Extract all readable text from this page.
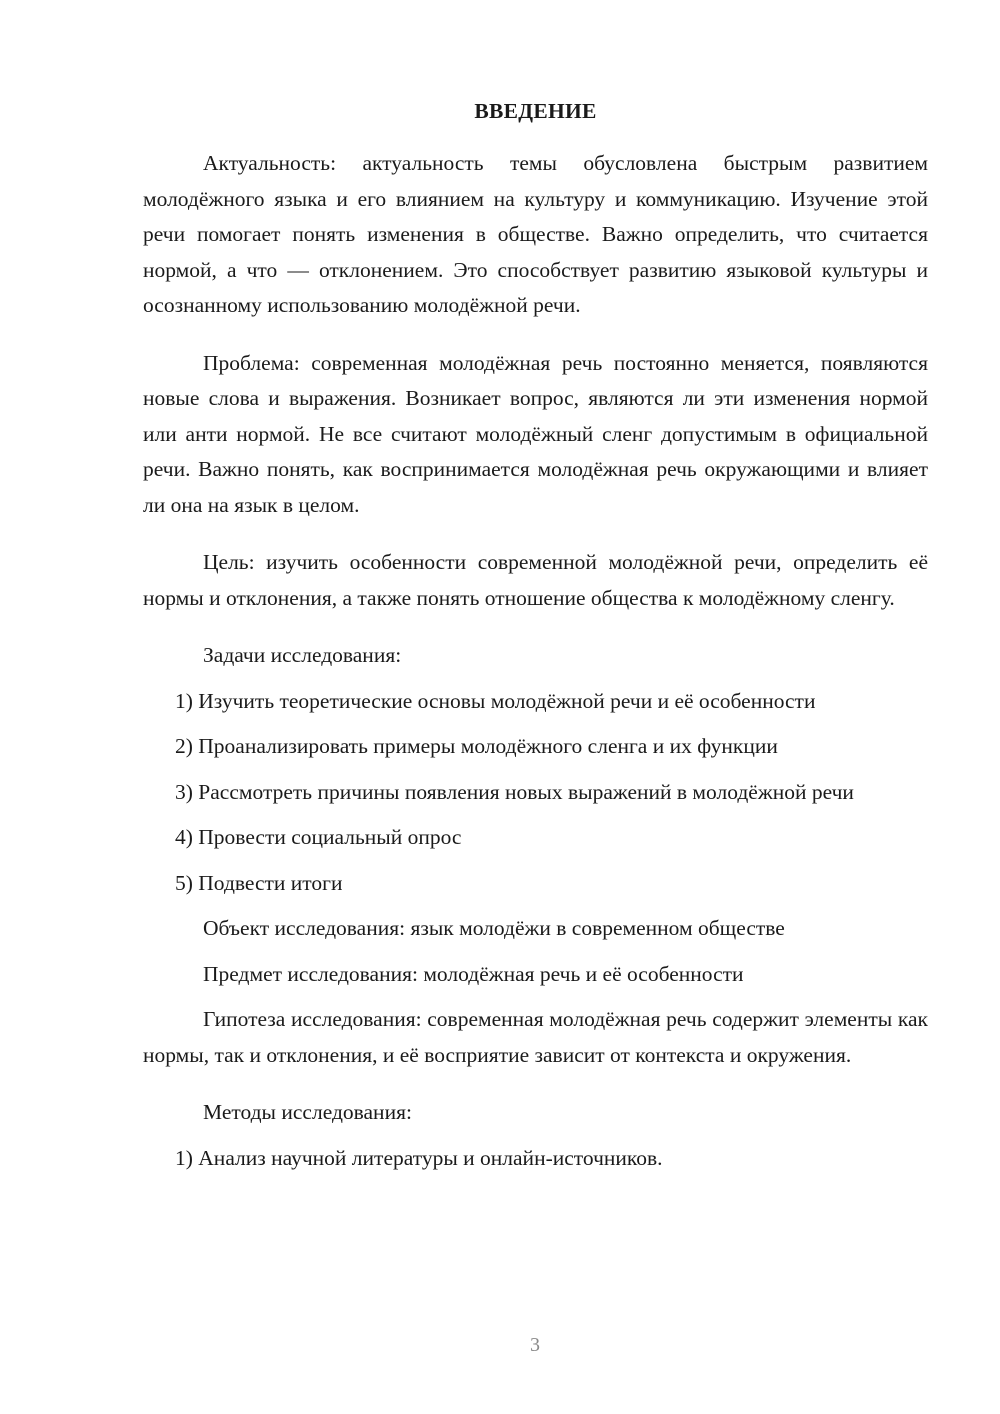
ВВЕДЕНИЕ

Актуальность: актуальность темы обусловлена быстрым развитием молодёжного языка и его влиянием на культуру и коммуникацию. Изучение этой речи помогает понять изменения в обществе. Важно определить, что считается нормой, а что — отклонением. Это способствует развитию языковой культуры и осознанному использованию молодёжной речи.

Проблема: современная молодёжная речь постоянно меняется, появляются новые слова и выражения. Возникает вопрос, являются ли эти изменения нормой или анти нормой. Не все считают молодёжный сленг допустимым в официальной речи. Важно понять, как воспринимается молодёжная речь окружающими и влияет ли она на язык в целом.

Цель: изучить особенности современной молодёжной речи, определить её нормы и отклонения, а также понять отношение общества к молодёжному сленгу.

Задачи исследования:

1) Изучить теоретические основы молодёжной речи и её особенности

2) Проанализировать примеры молодёжного сленга и их функции

3) Рассмотреть причины появления новых выражений в молодёжной речи

4) Провести социальный опрос

5) Подвести итоги

Объект исследования: язык молодёжи в современном обществе

Предмет исследования: молодёжная речь и её особенности

Гипотеза исследования: современная молодёжная речь содержит элементы как нормы, так и отклонения, и её восприятие зависит от контекста и окружения.

Методы исследования:

1) Анализ научной литературы и онлайн-источников.

3
